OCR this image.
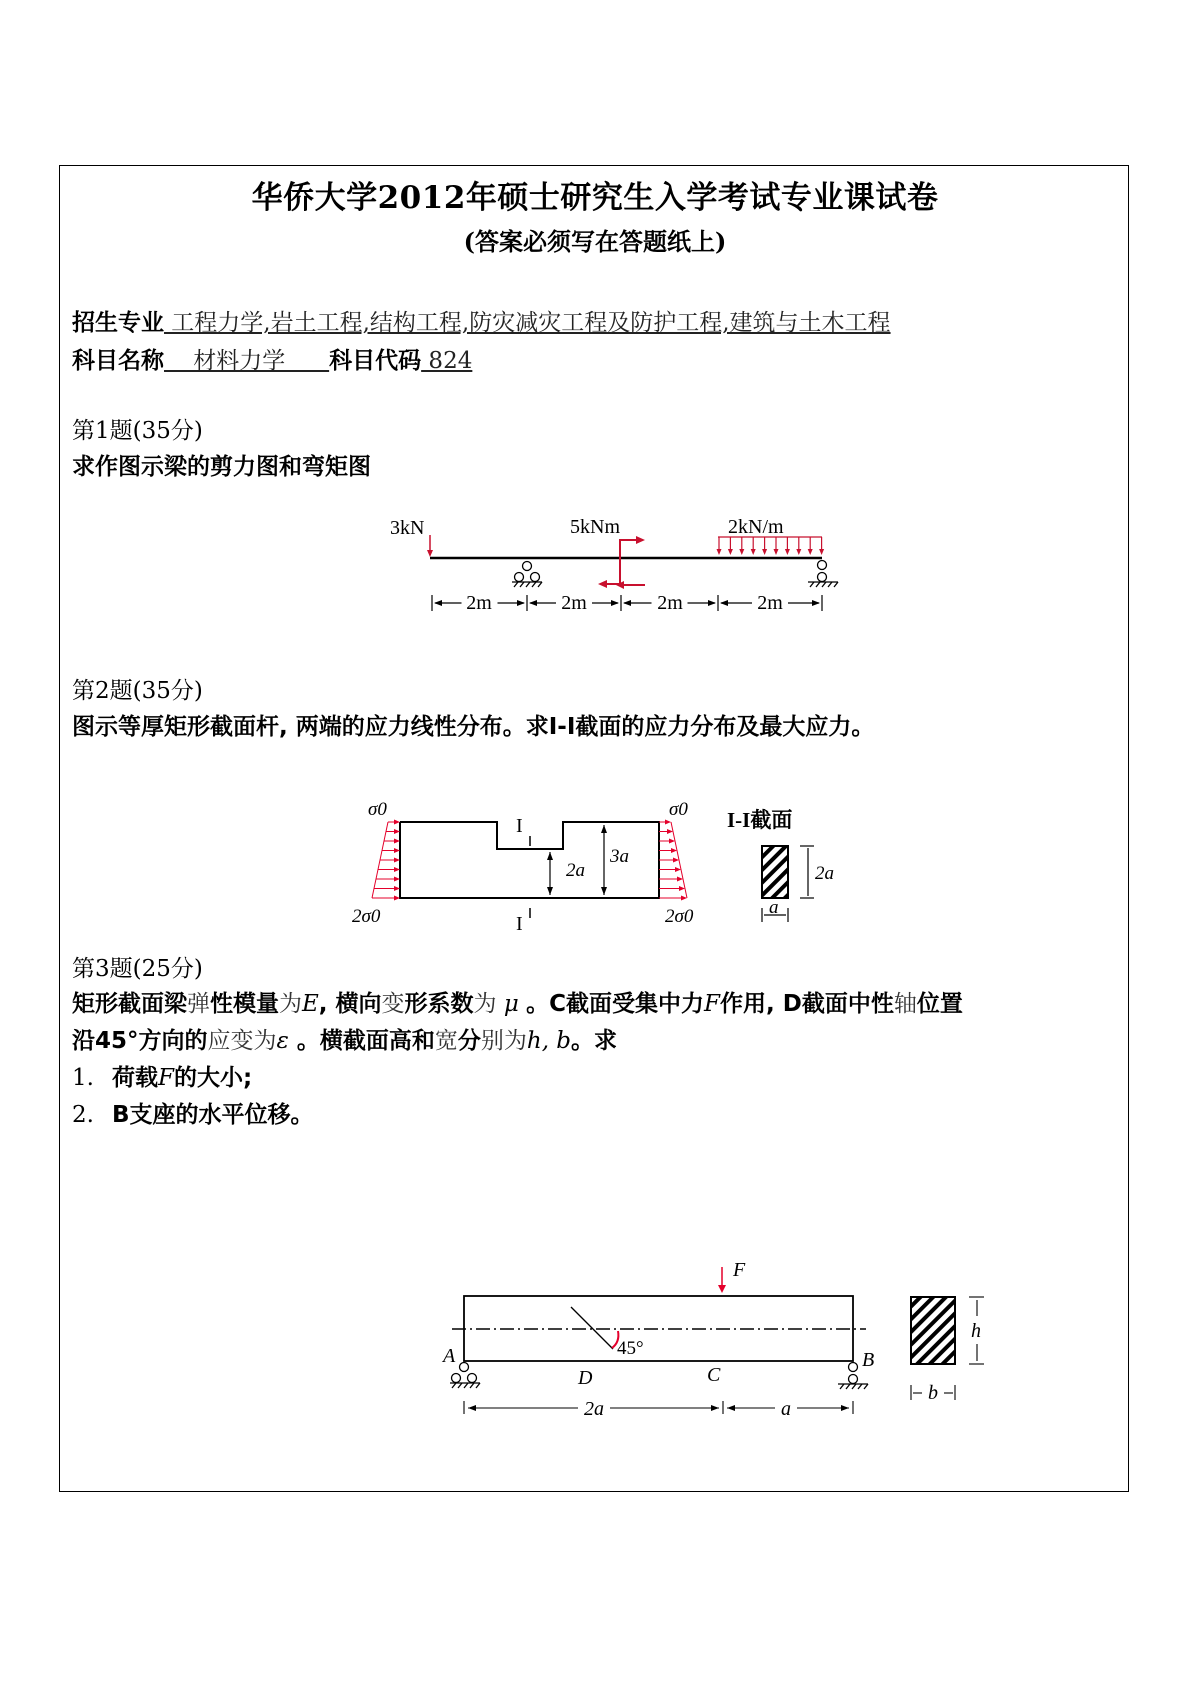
华侨大学2012年硕士研究生入学考试专业课试卷
(答案必须写在答题纸上)
招生专业 工程力学,岩土工程,结构工程,防灾减灾工程及防护工程,建筑与土木工程
科目名称    材料力学      科目代码 824
第1题(35分)
求作图示梁的剪力图和弯矩图
3kN	5kNm	2kN/m
2m	2m	2m	2m
σ0	σ0
2σ0	2σ0
I
I
2a
3a
I-I截面
2a
a
45°
F
A	B
D	C
2a	a
h
b
第2题(35分)
图示等厚矩形截面杆, 两端的应力线性分布。求I-I截面的应力分布及最大应力。
第3题(25分)
矩形截面梁弹性模量为E, 横向变形系数为 μ 。C截面受集中力F作用, D截面中性轴位置
沿45°方向的应变为ε 。横截面高和宽分别为h, b。求
1. 荷载F的大小;
2. B支座的水平位移。
